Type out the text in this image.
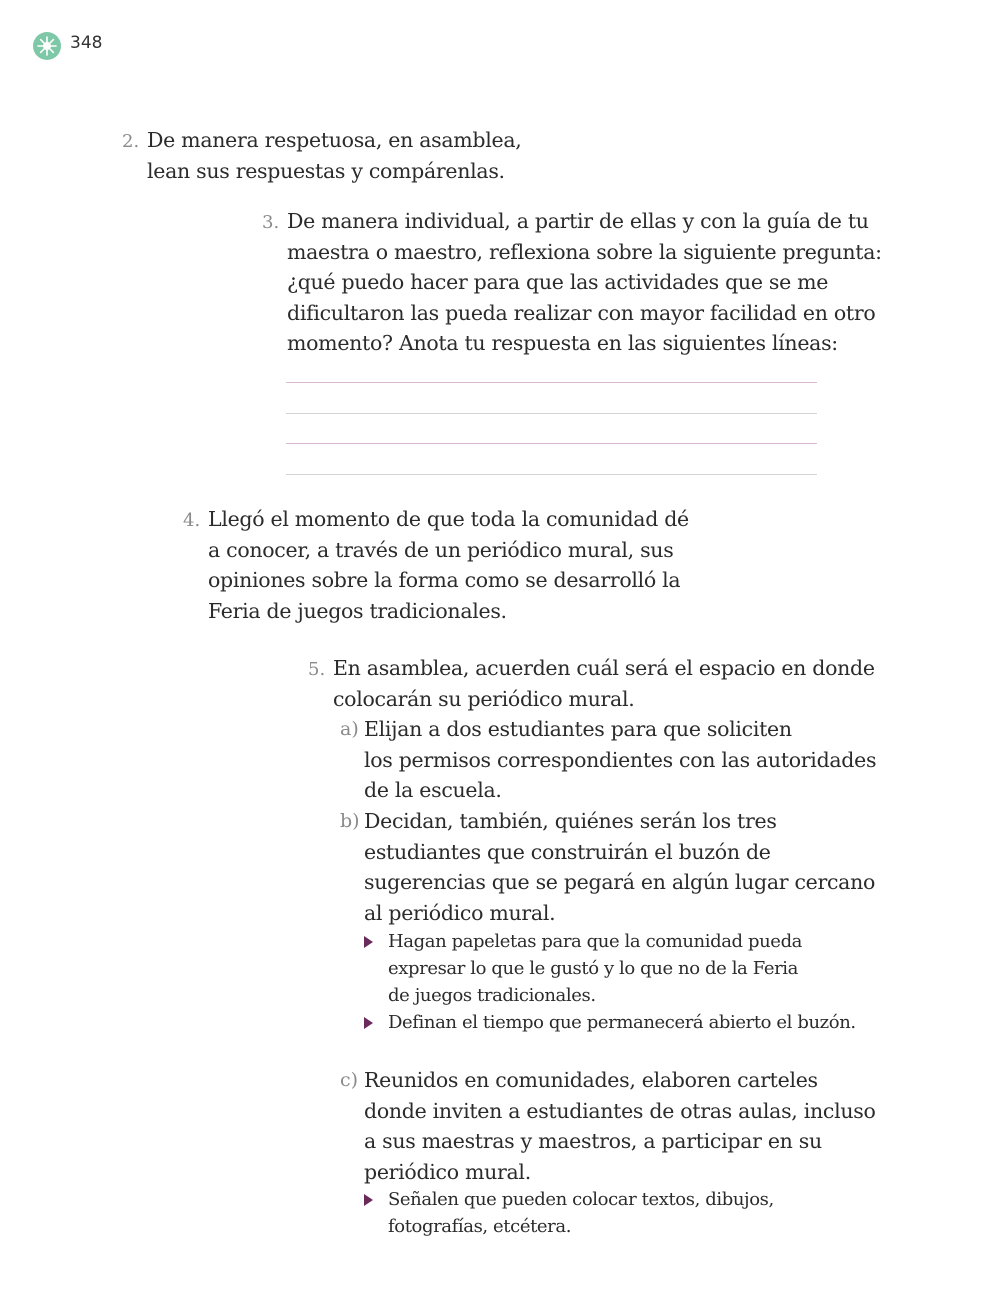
348
2. De manera respetuosa, en asamblea,
lean sus respuestas y compárenlas.
3. De manera individual, a partir de ellas y con la guía de tu
maestra o maestro, reflexiona sobre la siguiente pregunta:
¿qué puedo hacer para que las actividades que se me
dificultaron las pueda realizar con mayor facilidad en otro
momento? Anota tu respuesta en las siguientes líneas:
4. Llegó el momento de que toda la comunidad dé
a conocer, a través de un periódico mural, sus
opiniones sobre la forma como se desarrolló la
Feria de juegos tradicionales.
5. En asamblea, acuerden cuál será el espacio en donde
colocarán su periódico mural.
a) Elijan a dos estudiantes para que soliciten
los permisos correspondientes con las autoridades
de la escuela.
b) Decidan, también, quiénes serán los tres
estudiantes que construirán el buzón de
sugerencias que se pegará en algún lugar cercano
al periódico mural.
Hagan papeletas para que la comunidad pueda
expresar lo que le gustó y lo que no de la Feria
de juegos tradicionales.
Definan el tiempo que permanecerá abierto el buzón.
c) Reunidos en comunidades, elaboren carteles
donde inviten a estudiantes de otras aulas, incluso
a sus maestras y maestros, a participar en su
periódico mural.
Señalen que pueden colocar textos, dibujos,
fotografías, etcétera.
